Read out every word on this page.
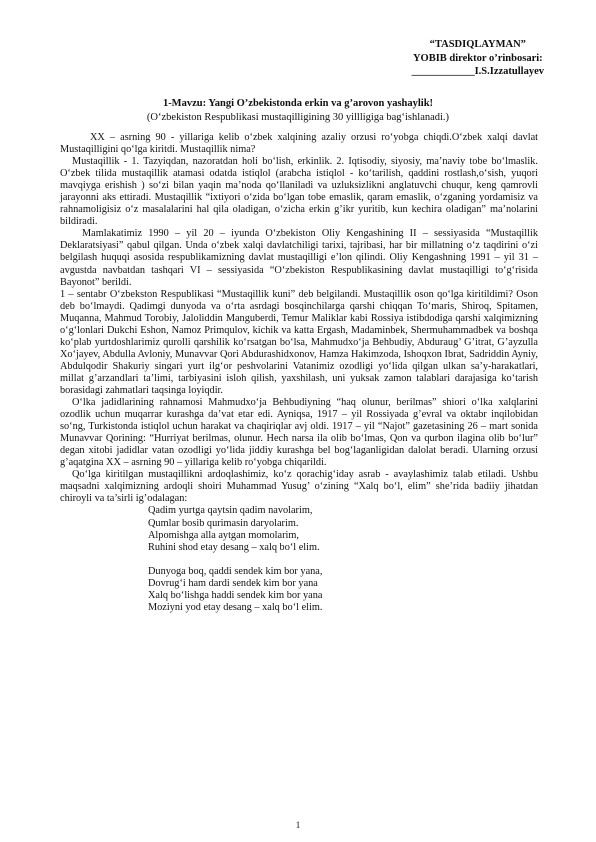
“TASDIQLAYMAN”
YOBIB direktor o’rinbosari:
____________I.S.Izzatullayev
1-Mavzu: Yangi O’zbekistonda erkin va g’arovon yashaylik!
(O‘zbekiston Respublikasi mustaqilligining 30 yillligiga bag‘ishlanadi.)

XX – asrning 90 - yillariga kelib o‘zbek xalqining azaliy orzusi ro‘yobga chiqdi.O‘zbek xalqi davlat Mustaqilligini qo‘lga kiritdi. Mustaqillik nima?

Mustaqillik - 1. Tazyiqdan, nazoratdan holi bo‘lish, erkinlik. 2. Iqtisodiy, siyosiy, ma’naviy tobe bo‘lmaslik. O‘zbek tilida mustaqillik atamasi odatda istiqlol (arabcha istiqlol - ko‘tarilish, qaddini rostlash,o‘sish, yuqori mavqiyga erishish ) so‘zi bilan yaqin ma’noda qo‘llaniladi va uzluksizlikni anglatuvchi chuqur, keng qamrovli jarayonni aks ettiradi. Mustaqillik “ixtiyori o‘zida bo‘lgan tobe emaslik, qaram emaslik, o‘zganing yordamisiz va rahnamoligisiz o‘z masalalarini hal qila oladigan, o‘zicha erkin g’ikr yuritib, kun kechira oladigan” ma’nolarini bildiradi.

Mamlakatimiz 1990 – yil 20 – iyunda O‘zbekiston Oliy Kengashining II – sessiyasida “Mustaqillik Deklaratsiyasi” qabul qilgan. Unda o‘zbek xalqi davlatchiligi tarixi, tajribasi, har bir millatning o‘z taqdirini o‘zi belgilash huquqi asosida respublikamizning davlat mustaqilligi e’lon qilindi. Oliy Kengashning 1991 – yil 31 – avgustda navbatdan tashqari VI – sessiyasida “O‘zbekiston Respublikasining davlat mustaqilligi to‘g‘risida Bayonot” berildi.

1 – sentabr O‘zbekston Respublikasi “Mustaqillik kuni” deb belgilandi. Mustaqillik oson qo‘lga kiritildimi? Oson deb bo‘lmaydi. Qadimgi dunyoda va o‘rta asrdagi bosqinchilarga qarshi chiqqan To‘maris, Shiroq, Spitamen, Muqanna, Mahmud Torobiy, Jaloliddin Manguberdi, Temur Maliklar kabi Rossiya istibdodiga qarshi xalqimizning o‘g‘lonlari Dukchi Eshon, Namoz Primqulov, kichik va katta Ergash, Madaminbek, Shermuhammadbek va boshqa ko‘plab yurtdoshlarimiz qurolli qarshilik ko‘rsatgan bo‘lsa, Mahmudxo‘ja Behbudiy, Abduraug’ G’itrat, G’ayzulla Xo‘jayev, Abdulla Avloniy, Munavvar Qori Abdurashidxonov, Hamza Hakimzoda, Ishoqxon Ibrat, Sadriddin Ayniy, Abdulqodir Shakuriy singari yurt ilg‘or peshvolarini Vatanimiz ozodligi yo‘lida qilgan ulkan sa’y-harakatlari, millat g’arzandlari ta’limi, tarbiyasini isloh qilish, yaxshilash, uni yuksak zamon talablari darajasiga ko‘tarish borasidagi zahmatlari taqsinga loyiqdir.

O‘lka jadidlarining rahnamosi Mahmudxo‘ja Behbudiyning “haq olunur, berilmas” shiori o‘lka xalqlarini ozodlik uchun muqarrar kurashga da’vat etar edi. Ayniqsa, 1917 – yil Rossiyada g’evral va oktabr inqilobidan so‘ng, Turkistonda istiqlol uchun harakat va chaqiriqlar avj oldi. 1917 – yil “Najot” gazetasining 26 – mart sonida Munavvar Qorining: “Hurriyat berilmas, olunur. Hech narsa ila olib bo‘lmas, Qon va qurbon ilagina olib bo‘lur” degan xitobi jadidlar vatan ozodligi yo‘lida jiddiy kurashga bel bog‘laganligidan dalolat beradi. Ularning orzusi g’aqatgina XX – asrning 90 – yillariga kelib ro‘yobga chiqarildi.

Qo‘lga kiritilgan mustaqillikni ardoqlashimiz, ko‘z qorachig‘iday asrab - avaylashimiz talab etiladi. Ushbu maqsadni xalqimizning ardoqli shoiri Muhammad Yusug’ o‘zining “Xalq bo‘l, elim” she’rida badiiy jihatdan chiroyli va ta’sirli ig’odalagan:

Qadim yurtga qaytsin qadim navolarim,
Qumlar bosib qurimasin daryolarim.
Alpomishga alla aytgan momolarim,
Ruhini shod etay desang – xalq bo‘l elim.
Dunyoga boq, qaddi sendek kim bor yana,
Dovrug‘i ham dardi sendek kim bor yana
Xalq bo‘lishga haddi sendek kim bor yana
Moziyni yod etay desang – xalq bo‘l elim.
1
